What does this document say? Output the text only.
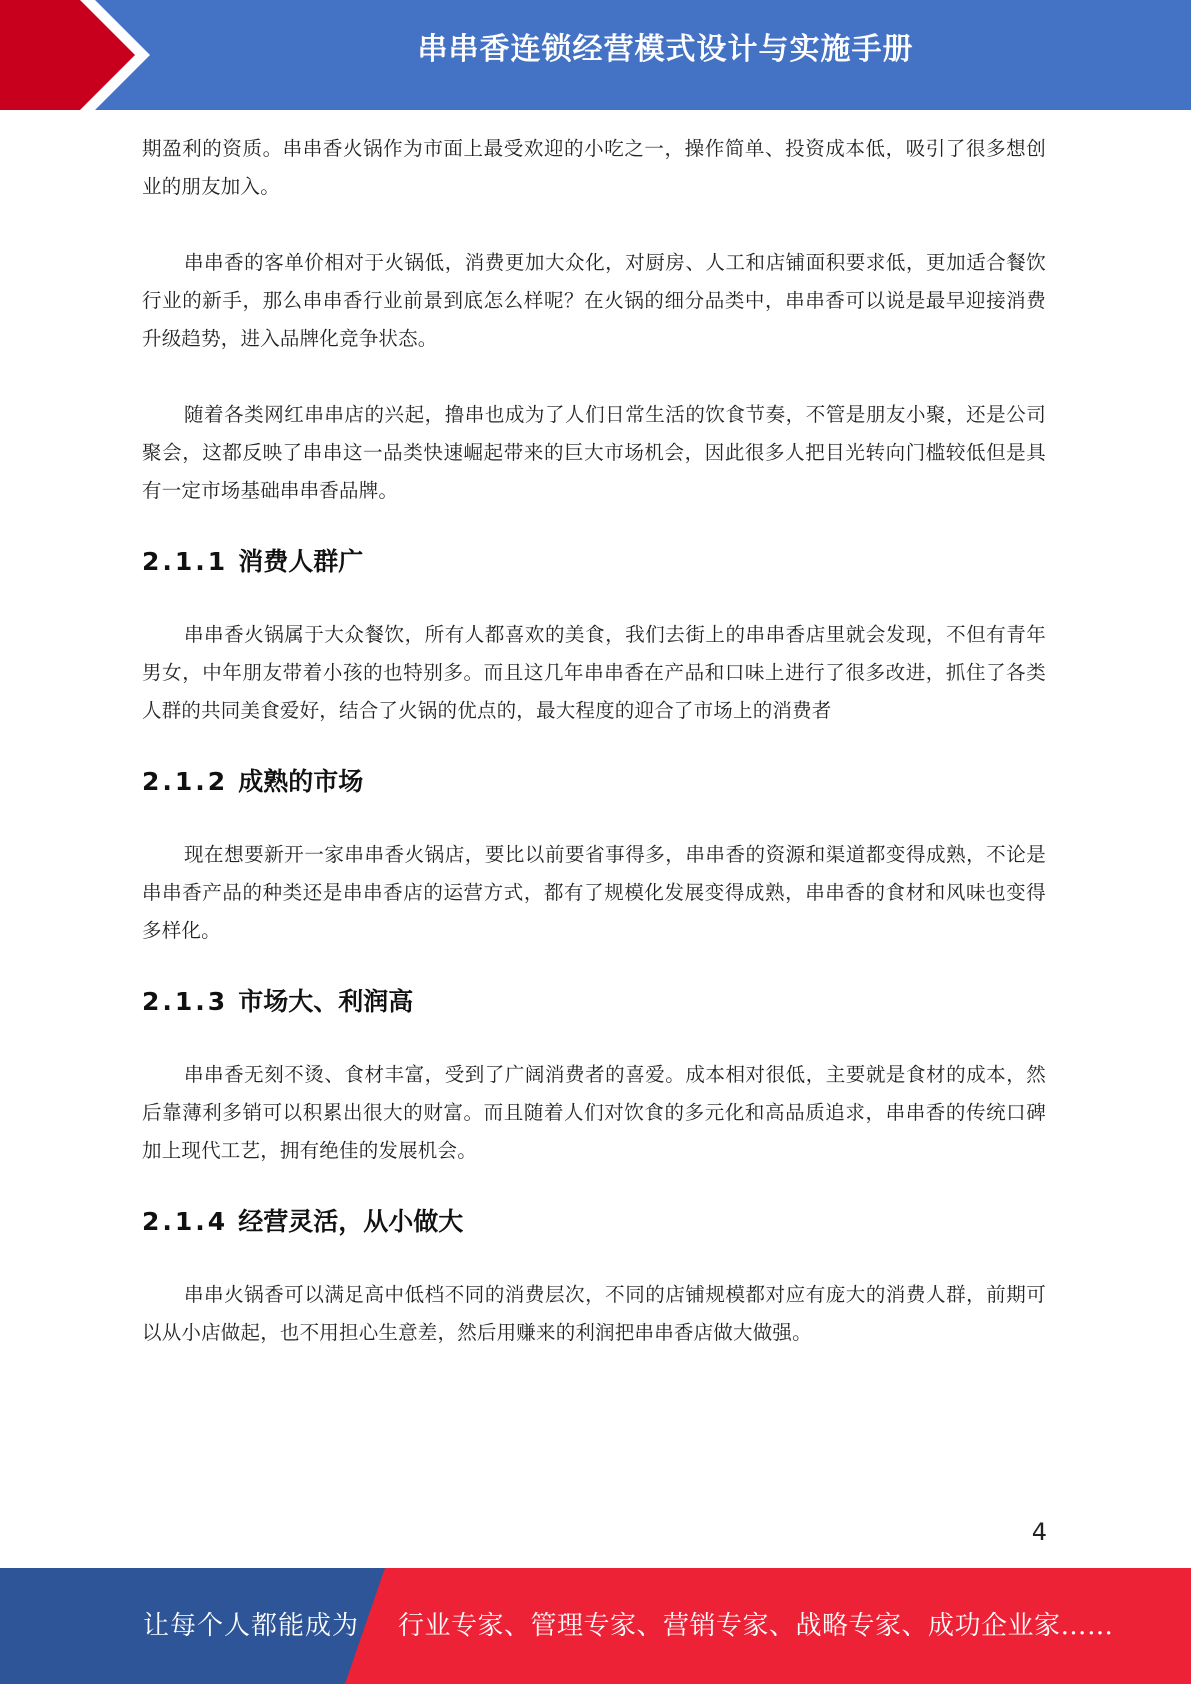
串串香连锁经营模式设计与实施手册

期盈利的资质。串串香火锅作为市面上最受欢迎的小吃之一，操作简单、投资成本低，吸引了很多想创业的朋友加入。

串串香的客单价相对于火锅低，消费更加大众化，对厨房、人工和店铺面积要求低，更加适合餐饮行业的新手，那么串串香行业前景到底怎么样呢？在火锅的细分品类中，串串香可以说是最早迎接消费升级趋势，进入品牌化竞争状态。

随着各类网红串串店的兴起，撸串也成为了人们日常生活的饮食节奏，不管是朋友小聚，还是公司聚会，这都反映了串串这一品类快速崛起带来的巨大市场机会，因此很多人把目光转向门槛较低但是具有一定市场基础串串香品牌。

2.1.1 消费人群广

串串香火锅属于大众餐饮，所有人都喜欢的美食，我们去街上的串串香店里就会发现，不但有青年男女，中年朋友带着小孩的也特别多。而且这几年串串香在产品和口味上进行了很多改进，抓住了各类人群的共同美食爱好，结合了火锅的优点的，最大程度的迎合了市场上的消费者

2.1.2 成熟的市场

现在想要新开一家串串香火锅店，要比以前要省事得多，串串香的资源和渠道都变得成熟，不论是串串香产品的种类还是串串香店的运营方式，都有了规模化发展变得成熟，串串香的食材和风味也变得多样化。

2.1.3 市场大、利润高

串串香无刻不烫、食材丰富，受到了广阔消费者的喜爱。成本相对很低，主要就是食材的成本，然后靠薄利多销可以积累出很大的财富。而且随着人们对饮食的多元化和高品质追求，串串香的传统口碑加上现代工艺，拥有绝佳的发展机会。

2.1.4 经营灵活，从小做大

串串火锅香可以满足高中低档不同的消费层次，不同的店铺规模都对应有庞大的消费人群，前期可以从小店做起，也不用担心生意差，然后用赚来的利润把串串香店做大做强。

4
让每个人都能成为 行业专家、管理专家、营销专家、战略专家、成功企业家……
